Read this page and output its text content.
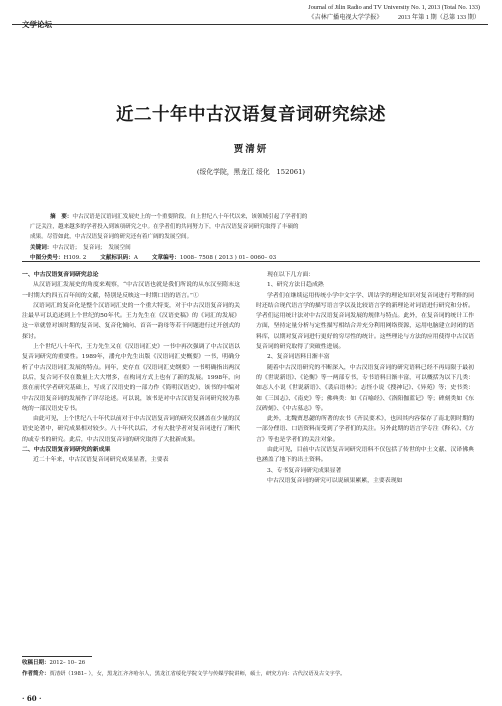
文学论坛
Journal of Jilin Radio and TV University No. 1, 2013 (Total No. 133)
《吉林广播电视大学学报》　　　2013 年第 1 期（总第 133 期）
近二十年中古汉语复音词研究综述
贾清妍
(绥化学院，黑龙江 绥化　152061)
摘　要：中古汉语是汉语词汇发展史上的一个重要阶段。自上世纪八十年代以来，该领域引起了学者们的
广泛关注，越来越多的学者投入到该项研究之中。在学者们的共同努力下，中古汉语复音词研究取得了丰硕的
成果。尽管如此，中古汉语复音词的研究还有着广阔的发展空间。
关键词：中古汉语；　复音词；　发展空间
中图分类号：H109. 2	文献标识码：A	文章编号：1008– 7508 ( 2013 ) 01– 0060– 03

一、中古汉语复音词研究总论

从汉语词汇发展史的角度来观察，“中古汉语也就是我们所说的从东汉至隋末这一时期大约四五百年间的文献，特别是反映这一时期口语的语言。”①

汉语词汇的复音化是整个汉语词汇史的一个重大特变，对于中古汉语复音词的关注最早可以追述到上个世纪的50年代。王力先生在《汉语史稿》的《词汇的发展》这一章就曾对该时期的复音词、复音化倾向、首音一韵母等若干问题进行过开创式的探讨。

上个世纪八十年代，王力先生又在《汉语词汇史》一书中再次强调了中古汉语以复音词研究的重要性。1989年，潘允中先生出版《汉语词汇史概要》一书，明确分析了中古汉语词汇发展的特点。同年，史存直《汉语词汇史纲要》一书明确指出两汉以后，复合词不仅在数量上大大增多，在构词方式上也有了新的发展。1998年，向熹在前代学者研究基础上，写成了汉语史的一部力作《简明汉语史》，该书的中编对中古汉语复音词的发展作了详尽论述。可以说，该书是对中古汉语复音词研究较为系统的一部汉语史专书。

由此可见，上个世纪八十年代以前对于中古汉语复音词的研究仅涵盖在少量的汉语史论著中，研究成果相对较少。八十年代以后，才有大批学者对复音词进行了断代的或专书的研究。此后，中古汉语复音词的研究取得了大批新成果。

二、中古汉语复音词研究的新成果

近二十年来，中古汉语复音词研究成果显著，主要表

现在以下几方面：

1、研究方法日趋成熟

学者们在继续运用传统小学中文字学、训诂学的理论知识对复音词进行考释的同时还结合现代语言学的描写语言学以及比较语言学的新理论对词语进行研究和分析。学者们运用统计法对中古汉语复音词发展的规律与特点。此外，在复音词的统计工作方面，坚持定量分析与定性描写相结合并充分利用网络资源，运用电脑建立封闭的语料库，以期对复音词进行更好的穷尽性的统计。这些理论与方法的应用使得中古汉语复音词的研究取得了突破性进展。

2、复音词语料日渐丰富

随着中古汉语研究的不断深入，中古汉语复音词的研究语料已经不再局限于最初的《世说新语》、《论衡》等一两部专书，专书语料日渐丰富，可以概括为以下几类：如志人小说《世说新语》、《裴启语林》；志怪小说《搜神记》、《异苑》等；史书类：如《三国志》、《南史》等；佛典类：如《百喻经》、《洛阳伽蓝记》等；碑刻类如《东汉碑刻》、《中古墓志》等。

此外，北魏贾思勰的所著的农书《齐民要术》，也因其内容保存了南北朝时期的一部分俚语、口语资料而受到了学者们的关注。另外此期的语言学专注《释名》、《方言》等也是学者们的关注对象。

由此可见，目前中古汉语复音词研究语料不仅包括了传世的中土文献、汉译佛典也涵盖了地下的出土资料。

3、专书复音词研究成果显著

中古汉语复音词的研究可以说硕果累累，主要表现如

收稿日期：2012– 10– 26
作者简介：贾清妍（1981– ），女，黑龙江齐齐哈尔人，黑龙江省绥化学院文学与传媒学院讲师，硕士，研究方向：古代汉语及古文字学。
· 60 ·
